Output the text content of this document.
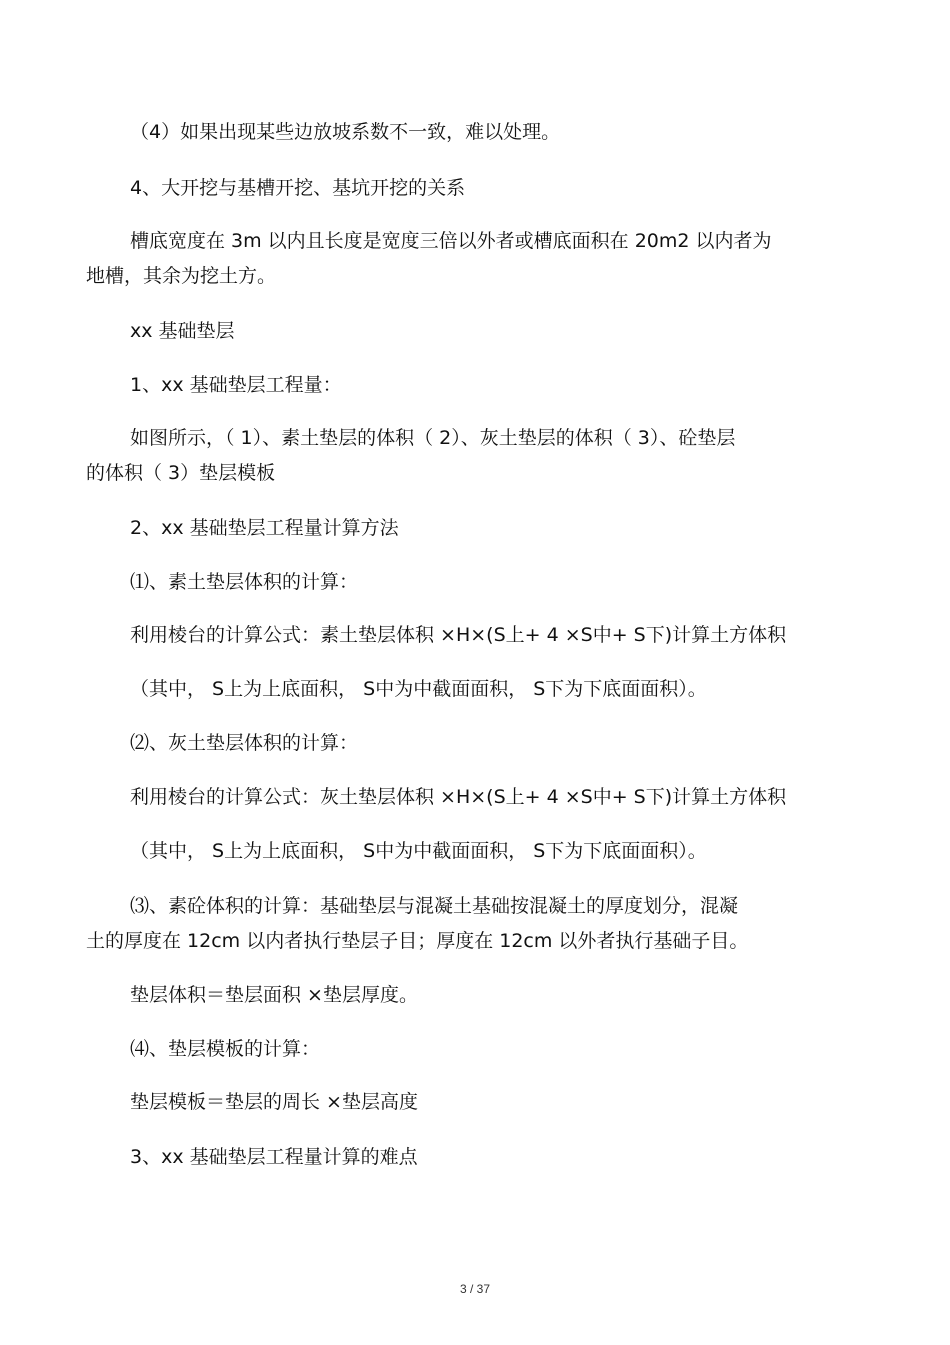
（4）如果出现某些边放坡系数不一致，难以处理。

4、大开挖与基槽开挖、基坑开挖的关系

槽底宽度在 3m 以内且长度是宽度三倍以外者或槽底面积在 20m2 以内者为

地槽，其余为挖土方。

xx 基础垫层

1、xx 基础垫层工程量：

如图所示，（ 1）、素土垫层的体积（ 2）、灰土垫层的体积（ 3）、砼垫层

的体积（ 3）垫层模板

2、xx 基础垫层工程量计算方法

⑴、素土垫层体积的计算：

利用棱台的计算公式：素土垫层体积 ×H×(S上+ 4 ×S中+ S下)计算土方体积

（其中， S上为上底面积， S中为中截面面积， S下为下底面面积）。

⑵、灰土垫层体积的计算：

利用棱台的计算公式：灰土垫层体积 ×H×(S上+ 4 ×S中+ S下)计算土方体积

（其中， S上为上底面积， S中为中截面面积， S下为下底面面积）。

⑶、素砼体积的计算：基础垫层与混凝土基础按混凝土的厚度划分，混凝

土的厚度在 12cm 以内者执行垫层子目；厚度在 12cm 以外者执行基础子目。

垫层体积＝垫层面积 ×垫层厚度。

⑷、垫层模板的计算：

垫层模板＝垫层的周长 ×垫层高度

3、xx 基础垫层工程量计算的难点

3 / 37
